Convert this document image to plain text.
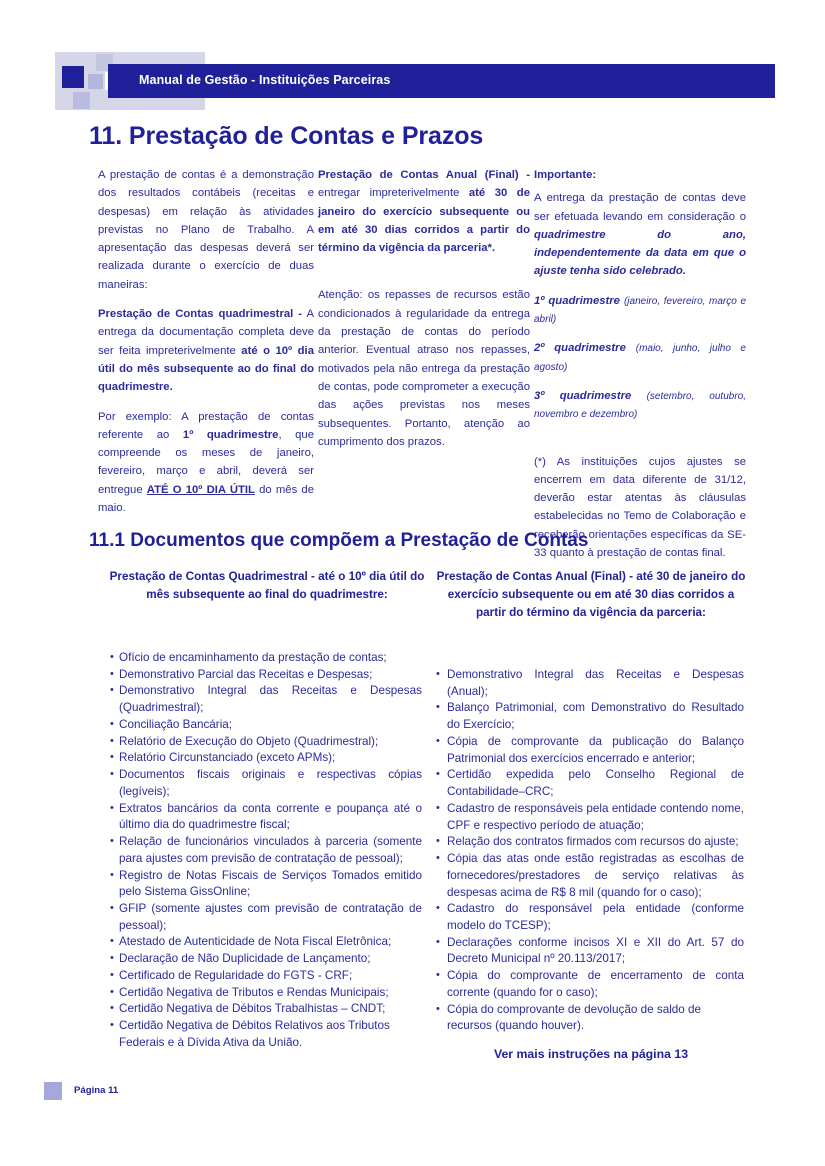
Manual de Gestão - Instituições Parceiras
11. Prestação de Contas e Prazos

A prestação de contas é a demonstração dos resultados contábeis (receitas e despesas) em relação às atividades previstas no Plano de Trabalho. A apresentação das despesas deverá ser realizada durante o exercício de duas maneiras:

Prestação de Contas quadrimestral - A entrega da documentação completa deve ser feita impreterivelmente até o 10º dia útil do mês subsequente ao do final do quadrimestre.

Por exemplo: A prestação de contas referente ao 1º quadrimestre, que compreende os meses de janeiro, fevereiro, março e abril, deverá ser entregue ATÉ O 10º DIA ÚTIL do mês de maio.

Prestação de Contas Anual (Final) - entregar impreterivelmente até 30 de janeiro do exercício subsequente ou em até 30 dias corridos a partir do término da vigência da parceria*.

Atenção: os repasses de recursos estão condicionados à regularidade da entrega da prestação de contas do período anterior. Eventual atraso nos repasses, motivados pela não entrega da prestação de contas, pode comprometer a execução das ações previstas nos meses subsequentes. Portanto, atenção ao cumprimento dos prazos.

Importante:

A entrega da prestação de contas deve ser efetuada levando em consideração o quadrimestre do ano, independentemente da data em que o ajuste tenha sido celebrado.

1º quadrimestre (janeiro, fevereiro, março e abril)

2º quadrimestre (maio, junho, julho e agosto)

3º quadrimestre (setembro, outubro, novembro e dezembro)

(*) As instituições cujos ajustes se encerrem em data diferente de 31/12, deverão estar atentas às cláusulas estabelecidas no Temo de Colaboração e receberão orientações específicas da SE-33 quanto à prestação de contas final.

11.1 Documentos que compõem a Prestação de Contas
Prestação de Contas Quadrimestral - até o 10º dia útil do mês subsequente ao final do quadrimestre:
Prestação de Contas Anual (Final) - até 30 de janeiro do exercício subsequente ou em até 30 dias corridos a partir do término da vigência da parceria:
• Ofício de encaminhamento da prestação de contas;
• Demonstrativo Parcial das Receitas e Despesas;
• Demonstrativo Integral das Receitas e Despesas (Quadrimestral);
• Conciliação Bancária;
• Relatório de Execução do Objeto (Quadrimestral);
• Relatório Circunstanciado (exceto APMs);
• Documentos fiscais originais e respectivas cópias (legíveis);
• Extratos bancários da conta corrente e poupança até o último dia do quadrimestre fiscal;
• Relação de funcionários vinculados à parceria (somente para ajustes com previsão de contratação de pessoal);
• Registro de Notas Fiscais de Serviços Tomados emitido pelo Sistema GissOnline;
• GFIP (somente ajustes com previsão de contratação de pessoal);
• Atestado de Autenticidade de Nota Fiscal Eletrônica;
• Declaração de Não Duplicidade de Lançamento;
• Certificado de Regularidade do FGTS - CRF;
• Certidão Negativa de Tributos e Rendas Municipais;
• Certidão Negativa de Débitos Trabalhistas – CNDT;
• Certidão Negativa de Débitos Relativos aos Tributos Federais e à Dívida Ativa da União.
• Demonstrativo Integral das Receitas e Despesas (Anual);
• Balanço Patrimonial, com Demonstrativo do Resultado do Exercício;
• Cópia de comprovante da publicação do Balanço Patrimonial dos exercícios encerrado e anterior;
• Certidão expedida pelo Conselho Regional de Contabilidade–CRC;
• Cadastro de responsáveis pela entidade contendo nome, CPF e respectivo período de atuação;
• Relação dos contratos firmados com recursos do ajuste;
• Cópia das atas onde estão registradas as escolhas de fornecedores/prestadores de serviço relativas às despesas acima de R$ 8 mil (quando for o caso);
• Cadastro do responsável pela entidade (conforme modelo do TCESP);
• Declarações conforme incisos XI e XII do Art. 57 do Decreto Municipal nº 20.113/2017;
• Cópia do comprovante de encerramento de conta corrente (quando for o caso);
• Cópia do comprovante de devolução de saldo de recursos (quando houver).
Ver mais instruções na página 13
Página 11
